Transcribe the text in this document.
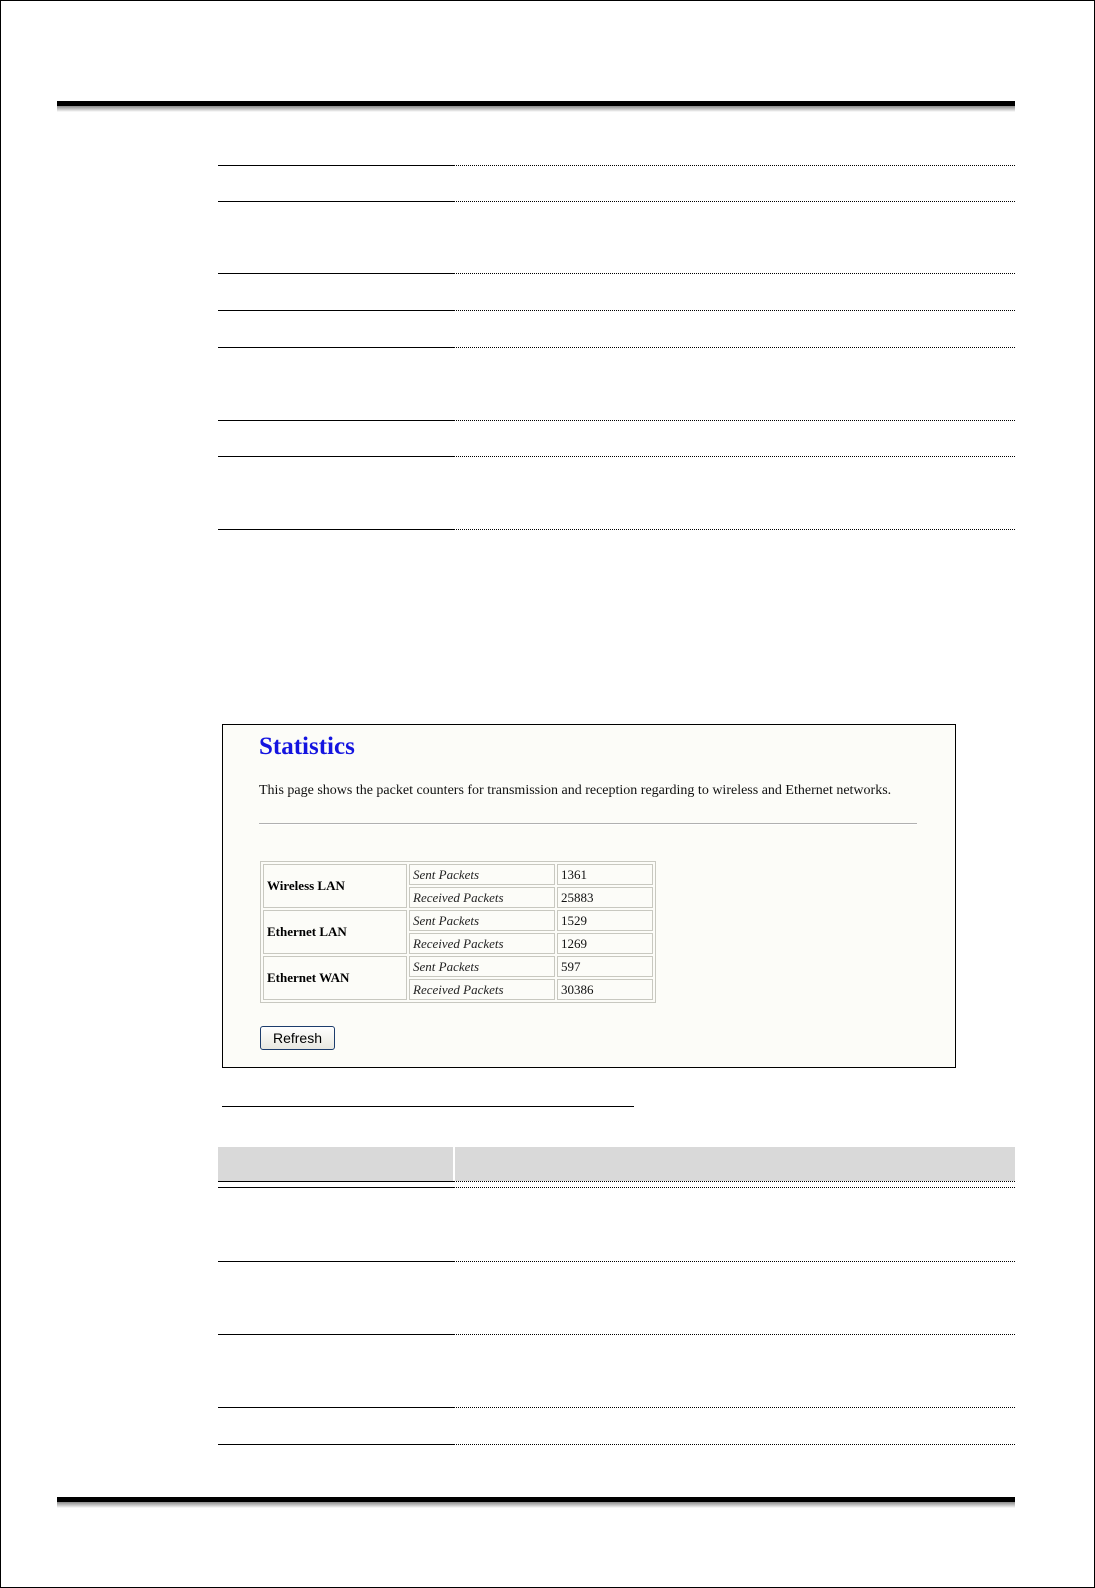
Statistics
This page shows the packet counters for transmission and reception regarding to wireless and Ethernet networks.
Wireless LAN	Sent Packets	1361
	Received Packets	25883
Ethernet LAN	Sent Packets	1529
	Received Packets	1269
Ethernet WAN	Sent Packets	597
	Received Packets	30386
Refresh
